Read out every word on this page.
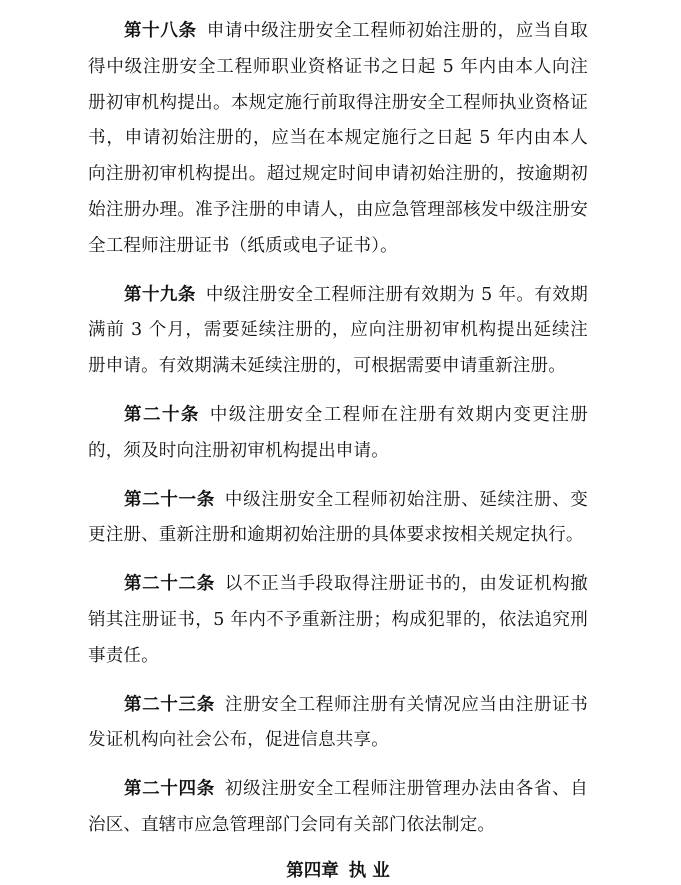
第十八条 申请中级注册安全工程师初始注册的，应当自取得中级注册安全工程师职业资格证书之日起 5 年内由本人向注册初审机构提出。本规定施行前取得注册安全工程师执业资格证书，申请初始注册的，应当在本规定施行之日起 5 年内由本人向注册初审机构提出。超过规定时间申请初始注册的，按逾期初始注册办理。准予注册的申请人，由应急管理部核发中级注册安全工程师注册证书（纸质或电子证书）。

第十九条 中级注册安全工程师注册有效期为 5 年。有效期满前 3 个月，需要延续注册的，应向注册初审机构提出延续注册申请。有效期满未延续注册的，可根据需要申请重新注册。

第二十条 中级注册安全工程师在注册有效期内变更注册的，须及时向注册初审机构提出申请。

第二十一条 中级注册安全工程师初始注册、延续注册、变更注册、重新注册和逾期初始注册的具体要求按相关规定执行。

第二十二条 以不正当手段取得注册证书的，由发证机构撤销其注册证书，5 年内不予重新注册；构成犯罪的，依法追究刑事责任。

第二十三条 注册安全工程师注册有关情况应当由注册证书发证机构向社会公布，促进信息共享。

第二十四条 初级注册安全工程师注册管理办法由各省、自治区、直辖市应急管理部门会同有关部门依法制定。

第四章 执 业
